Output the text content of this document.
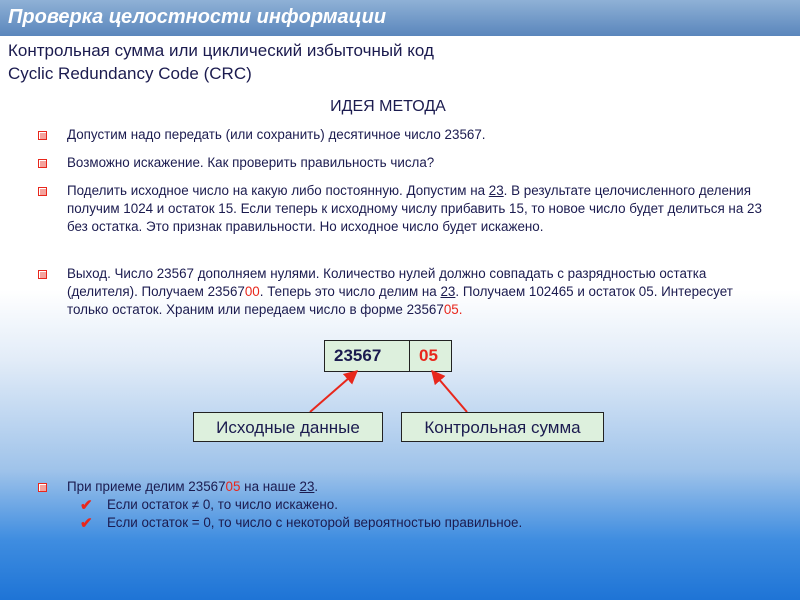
Проверка целостности информации
Контрольная сумма или циклический избыточный код
Cyclic Redundancy Code (CRC)
ИДЕЯ МЕТОДА
Допустим надо передать (или сохранить) десятичное число 23567.
Возможно искажение. Как проверить правильность числа?
Поделить исходное число на какую либо постоянную. Допустим на 23. В результате целочисленного деления получим 1024 и остаток 15. Если теперь к исходному числу прибавить 15, то новое число будет делиться на 23 без остатка. Это признак правильности. Но исходное число будет искажено.
Выход. Число 23567 дополняем нулями. Количество нулей должно совпадать с разрядностью остатка (делителя). Получаем 2356700. Теперь это число делим на 23. Получаем 102465 и остаток 05. Интересует только остаток. Храним или передаем число в форме 2356705.
23567	05
Исходные данные	Контрольная сумма
При приеме делим 2356705 на наше 23.
✔ Если остаток ≠ 0, то число искажено.
✔ Если остаток = 0, то число с некоторой вероятностью правильное.
